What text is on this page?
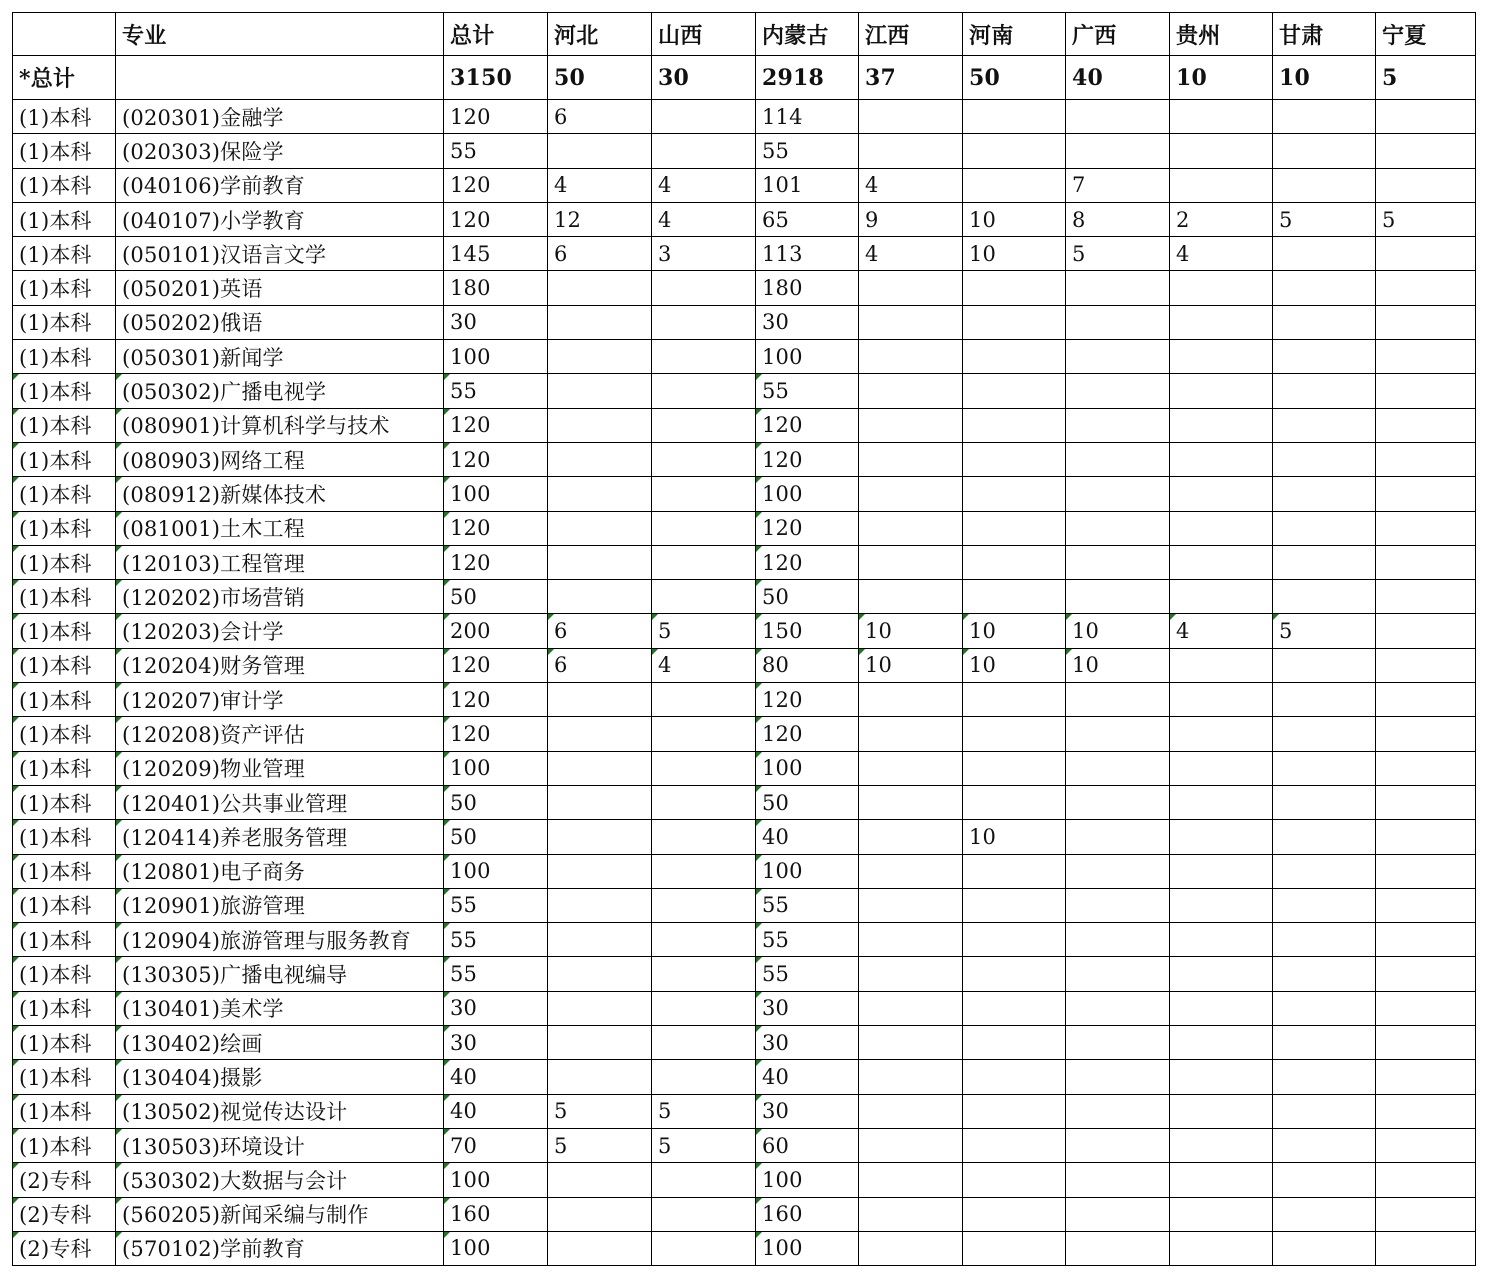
	专业	总计	河北	山西	内蒙古	江西	河南	广西	贵州	甘肃	宁夏
*总计		3150	50	30	2918	37	50	40	10	10	5
(1)本科	(020301)金融学	120	6		114						
(1)本科	(020303)保险学	55			55						
(1)本科	(040106)学前教育	120	4	4	101	4		7			
(1)本科	(040107)小学教育	120	12	4	65	9	10	8	2	5	5
(1)本科	(050101)汉语言文学	145	6	3	113	4	10	5	4		
(1)本科	(050201)英语	180			180						
(1)本科	(050202)俄语	30			30						
(1)本科	(050301)新闻学	100			100						
(1)本科	(050302)广播电视学	55			55						
(1)本科	(080901)计算机科学与技术	120			120						
(1)本科	(080903)网络工程	120			120						
(1)本科	(080912)新媒体技术	100			100						
(1)本科	(081001)土木工程	120			120						
(1)本科	(120103)工程管理	120			120						
(1)本科	(120202)市场营销	50			50						
(1)本科	(120203)会计学	200	6	5	150	10	10	10	4	5	
(1)本科	(120204)财务管理	120	6	4	80	10	10	10			
(1)本科	(120207)审计学	120			120						
(1)本科	(120208)资产评估	120			120						
(1)本科	(120209)物业管理	100			100						
(1)本科	(120401)公共事业管理	50			50						
(1)本科	(120414)养老服务管理	50			40		10				
(1)本科	(120801)电子商务	100			100						
(1)本科	(120901)旅游管理	55			55						
(1)本科	(120904)旅游管理与服务教育	55			55						
(1)本科	(130305)广播电视编导	55			55						
(1)本科	(130401)美术学	30			30						
(1)本科	(130402)绘画	30			30						
(1)本科	(130404)摄影	40			40						
(1)本科	(130502)视觉传达设计	40	5	5	30						
(1)本科	(130503)环境设计	70	5	5	60						
(2)专科	(530302)大数据与会计	100			100						
(2)专科	(560205)新闻采编与制作	160			160						
(2)专科	(570102)学前教育	100			100						
